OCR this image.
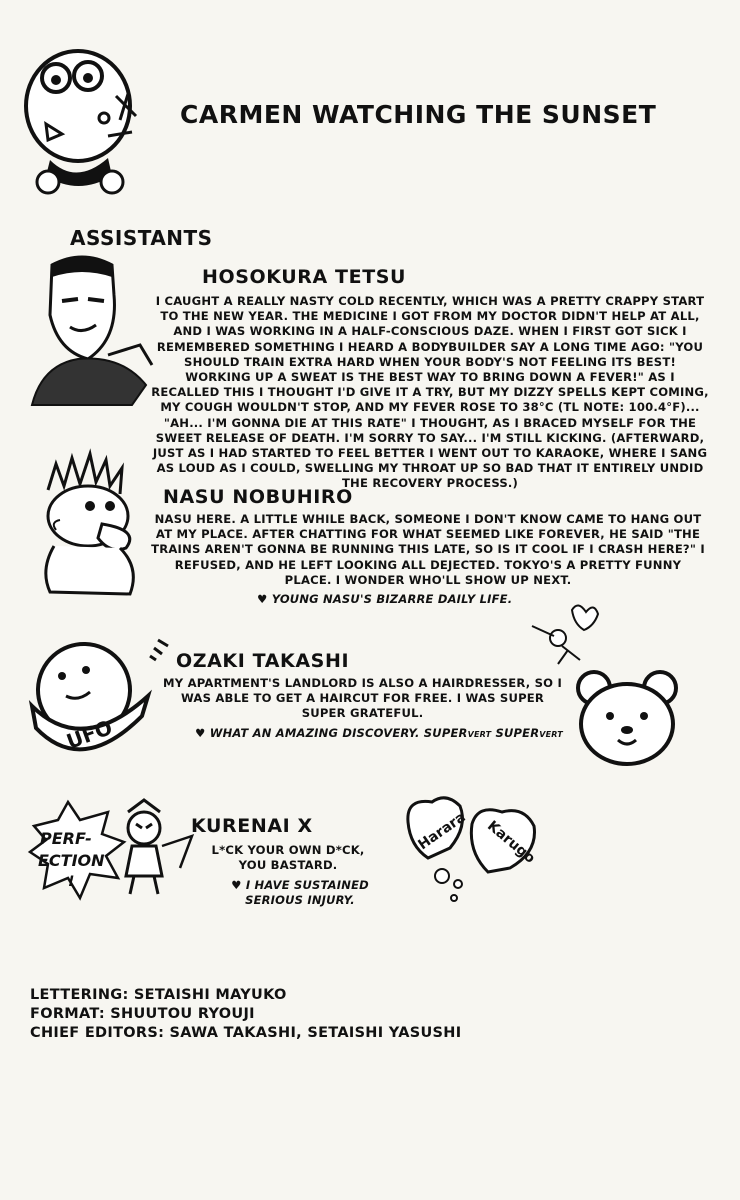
CARMEN WATCHING THE SUNSET
ASSISTANTS
HOSOKURA TETSU
I CAUGHT A REALLY NASTY COLD RECENTLY, WHICH WAS A PRETTY CRAPPY START TO THE NEW YEAR. THE MEDICINE I GOT FROM MY DOCTOR DIDN'T HELP AT ALL, AND I WAS WORKING IN A HALF-CONSCIOUS DAZE. WHEN I FIRST GOT SICK I REMEMBERED SOMETHING I HEARD A BODYBUILDER SAY A LONG TIME AGO: "YOU SHOULD TRAIN EXTRA HARD WHEN YOUR BODY'S NOT FEELING ITS BEST! WORKING UP A SWEAT IS THE BEST WAY TO BRING DOWN A FEVER!" AS I RECALLED THIS I THOUGHT I'D GIVE IT A TRY, BUT MY DIZZY SPELLS KEPT COMING, MY COUGH WOULDN'T STOP, AND MY FEVER ROSE TO 38°C (TL NOTE: 100.4°F)... "AH... I'M GONNA DIE AT THIS RATE" I THOUGHT, AS I BRACED MYSELF FOR THE SWEET RELEASE OF DEATH. I'M SORRY TO SAY... I'M STILL KICKING. (AFTERWARD, JUST AS I HAD STARTED TO FEEL BETTER I WENT OUT TO KARAOKE, WHERE I SANG AS LOUD AS I COULD, SWELLING MY THROAT UP SO BAD THAT IT ENTIRELY UNDID THE RECOVERY PROCESS.)
NASU NOBUHIRO
NASU HERE. A LITTLE WHILE BACK, SOMEONE I DON'T KNOW CAME TO HANG OUT AT MY PLACE. AFTER CHATTING FOR WHAT SEEMED LIKE FOREVER, HE SAID "THE TRAINS AREN'T GONNA BE RUNNING THIS LATE, SO IS IT COOL IF I CRASH HERE?" I REFUSED, AND HE LEFT LOOKING ALL DEJECTED. TOKYO'S A PRETTY FUNNY PLACE. I WONDER WHO'LL SHOW UP NEXT.
♥ YOUNG NASU'S BIZARRE DAILY LIFE.
UFO
OZAKI TAKASHI
MY APARTMENT'S LANDLORD IS ALSO A HAIRDRESSER, SO I WAS ABLE TO GET A HAIRCUT FOR FREE. I WAS SUPER SUPER GRATEFUL.
♥ WHAT AN AMAZING DISCOVERY. SUPERVERT SUPERVERT
PERF-
ECTION
!
KURENAI X
L*CK YOUR OWN D*CK, YOU BASTARD.
♥ I HAVE SUSTAINED SERIOUS INJURY.
Harara Karugo
LETTERING: SETAISHI MAYUKO
FORMAT: SHUUTOU RYOUJI
CHIEF EDITORS: SAWA TAKASHI, SETAISHI YASUSHI
